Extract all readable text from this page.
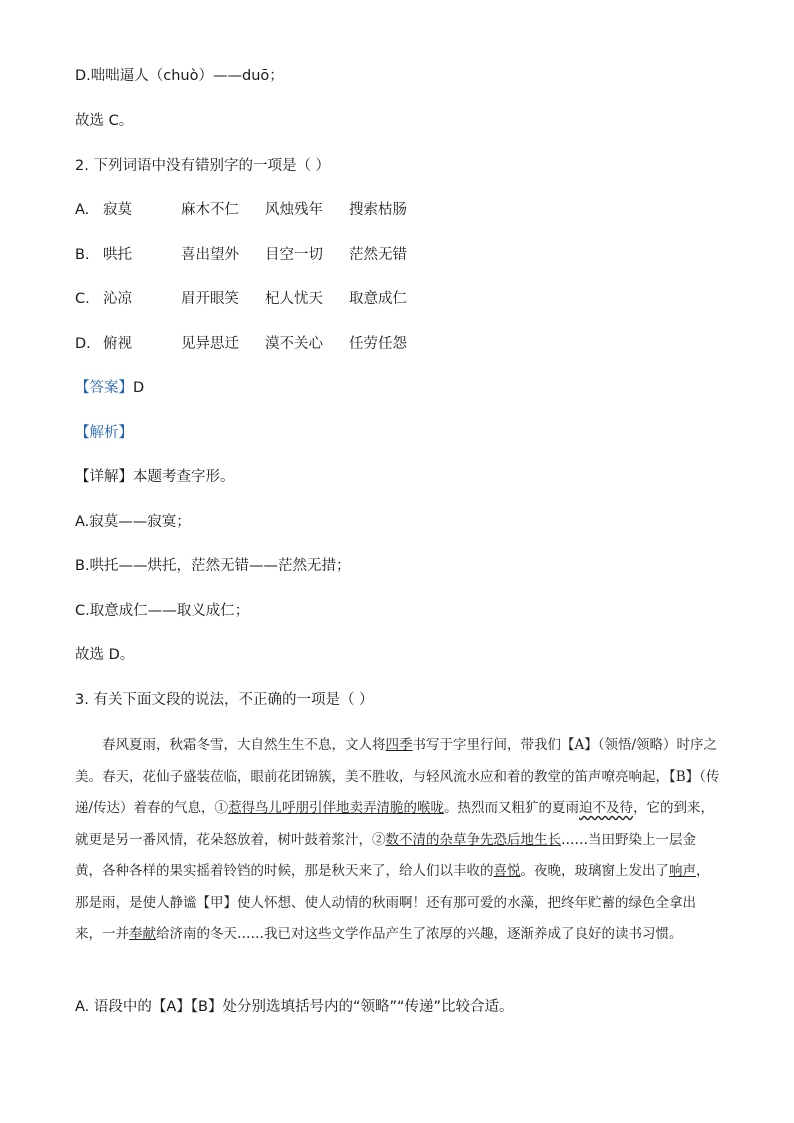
D.咄咄逼人（chuò）——duō；
故选 C。
2. 下列词语中没有错别字的一项是（ ）
A. 寂莫	麻木不仁 风烛残年 搜索枯肠
B. 哄托	喜出望外 目空一切 茫然无错
C. 沁凉	眉开眼笑 杞人忧天 取意成仁
D. 俯视	见异思迁 漠不关心 任劳任怨
【答案】D
【解析】
【详解】本题考查字形。
A.寂莫——寂寞；
B.哄托——烘托，茫然无错——茫然无措；
C.取意成仁——取义成仁；
故选 D。
3. 有关下面文段的说法，不正确的一项是（ ）

春风夏雨，秋霜冬雪，大自然生生不息，文人将四季书写于字里行间，带我们【A】（领悟/领略）时序之美。春天，花仙子盛装莅临，眼前花团锦簇，美不胜收，与轻风流水应和着的教堂的笛声嘹亮响起，【B】（传递/传达）着春的气息，①惹得鸟儿呼朋引伴地卖弄清脆的喉咙。热烈而又粗犷的夏雨迫不及待，它的到来，就更是另一番风情，花朵怒放着，树叶鼓着浆汁，②数不清的杂草争先恐后地生长……当田野染上一层金黄，各种各样的果实摇着铃铛的时候，那是秋天来了，给人们以丰收的喜悦。夜晚，玻璃窗上发出了响声，那是雨，是使人静谧【甲】使人怀想、使人动情的秋雨啊！还有那可爱的水藻，把终年贮蓄的绿色全拿出来，一并奉献给济南的冬天……我已对这些文学作品产生了浓厚的兴趣，逐渐养成了良好的读书习惯。

A. 语段中的【A】【B】处分别选填括号内的“领略”“传递”比较合适。
